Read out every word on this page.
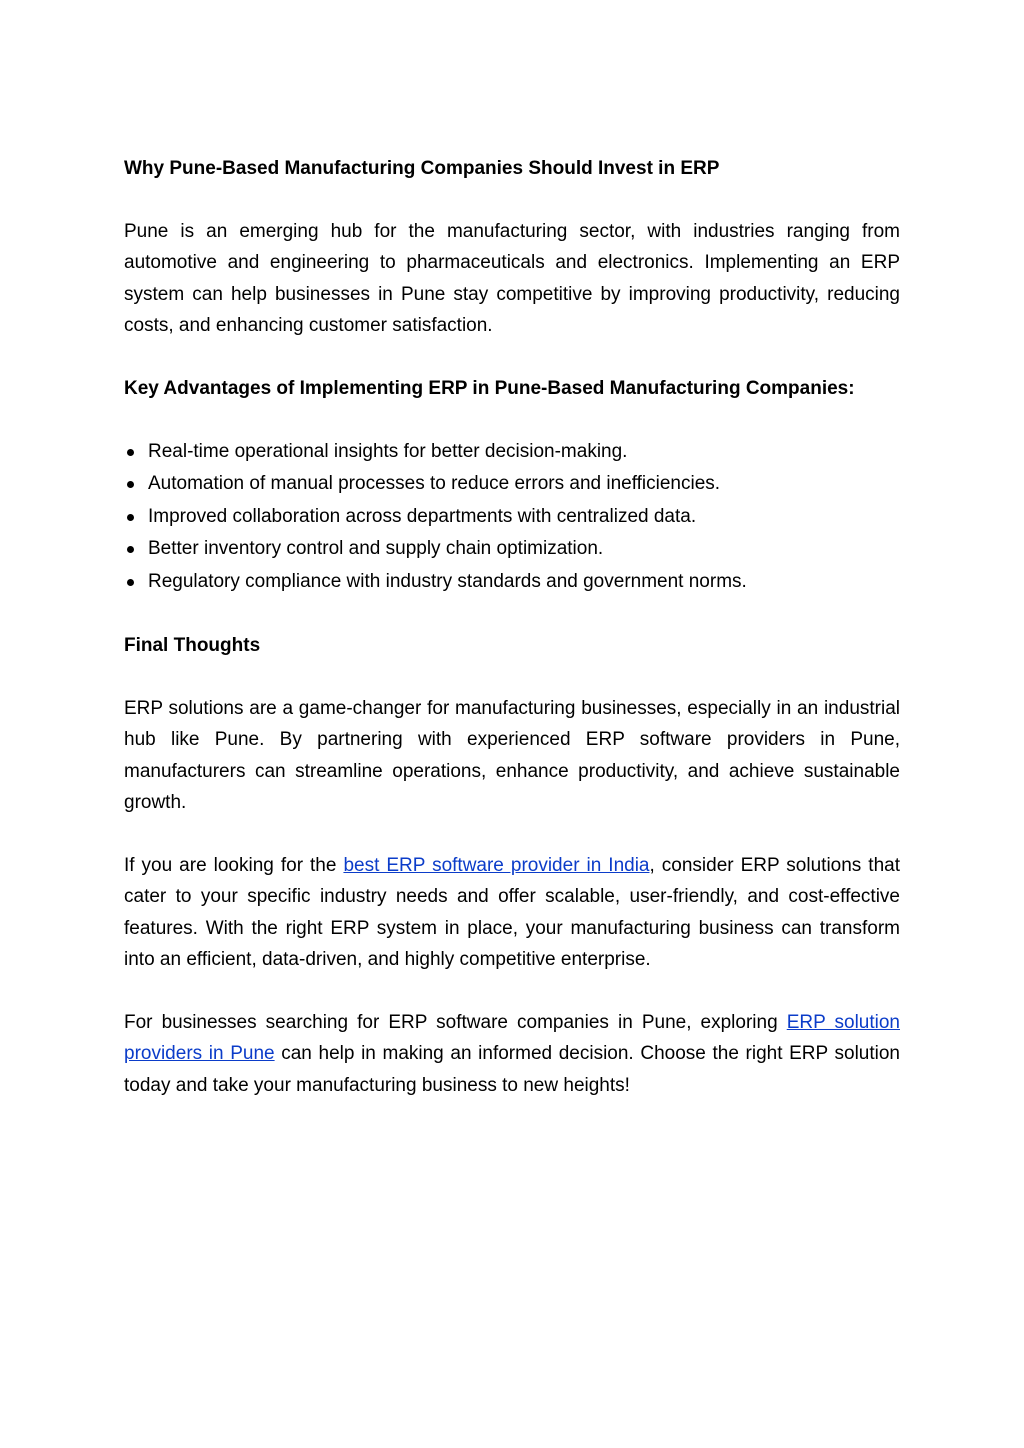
Why Pune-Based Manufacturing Companies Should Invest in ERP

Pune is an emerging hub for the manufacturing sector, with industries ranging from automotive and engineering to pharmaceuticals and electronics. Implementing an ERP system can help businesses in Pune stay competitive by improving productivity, reducing costs, and enhancing customer satisfaction.

Key Advantages of Implementing ERP in Pune-Based Manufacturing Companies:

Real-time operational insights for better decision-making.
Automation of manual processes to reduce errors and inefficiencies.
Improved collaboration across departments with centralized data.
Better inventory control and supply chain optimization.
Regulatory compliance with industry standards and government norms.

Final Thoughts

ERP solutions are a game-changer for manufacturing businesses, especially in an industrial hub like Pune. By partnering with experienced ERP software providers in Pune, manufacturers can streamline operations, enhance productivity, and achieve sustainable growth.

If you are looking for the best ERP software provider in India, consider ERP solutions that cater to your specific industry needs and offer scalable, user-friendly, and cost-effective features. With the right ERP system in place, your manufacturing business can transform into an efficient, data-driven, and highly competitive enterprise.

For businesses searching for ERP software companies in Pune, exploring ERP solution providers in Pune can help in making an informed decision. Choose the right ERP solution today and take your manufacturing business to new heights!
